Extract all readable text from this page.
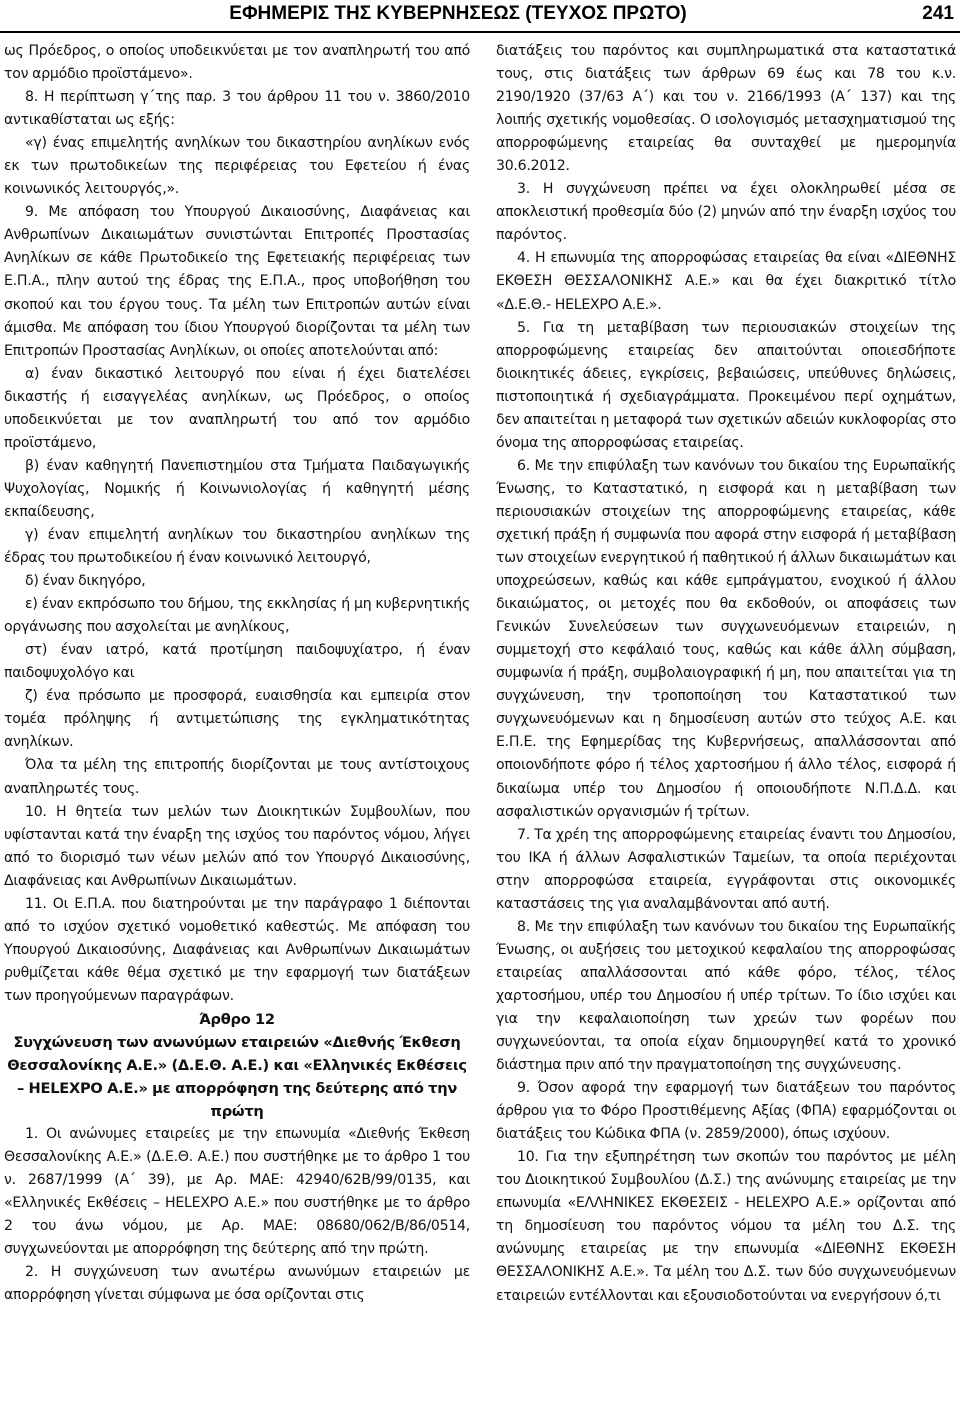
ΕΦΗΜΕΡΙΣ ΤΗΣ ΚΥΒΕΡΝΗΣΕΩΣ (ΤΕΥΧΟΣ ΠΡΩΤΟ)	241

ως Πρόεδρος, ο οποίος υποδεικνύεται με τον αναπληρωτή του από τον αρμόδιο προϊστάμενο».

8. Η περίπτωση γ΄της παρ. 3 του άρθρου 11 του ν. 3860/2010 αντικαθίσταται ως εξής:

«γ) ένας επιμελητής ανηλίκων του δικαστηρίου ανηλίκων ενός εκ των πρωτοδικείων της περιφέρειας του Εφετείου ή ένας κοινωνικός λειτουργός,».

9. Με απόφαση του Υπουργού Δικαιοσύνης, Διαφάνειας και Ανθρωπίνων Δικαιωμάτων συνιστώνται Επιτροπές Προστασίας Ανηλίκων σε κάθε Πρωτοδικείο της Εφετειακής περιφέρειας των Ε.Π.Α., πλην αυτού της έδρας της Ε.Π.Α., προς υποβοήθηση του σκοπού και του έργου τους. Τα μέλη των Επιτροπών αυτών είναι άμισθα. Με απόφαση του ίδιου Υπουργού διορίζονται τα μέλη των Επιτροπών Προστασίας Ανηλίκων, οι οποίες αποτελούνται από:

α) έναν δικαστικό λειτουργό που είναι ή έχει διατελέσει δικαστής ή εισαγγελέας ανηλίκων, ως Πρόεδρος, ο οποίος υποδεικνύεται με τον αναπληρωτή του από τον αρμόδιο προϊστάμενο,

β) έναν καθηγητή Πανεπιστημίου στα Τμήματα Παιδαγωγικής Ψυχολογίας, Νομικής ή Κοινωνιολογίας ή καθηγητή μέσης εκπαίδευσης,

γ) έναν επιμελητή ανηλίκων του δικαστηρίου ανηλίκων της έδρας του πρωτοδικείου ή έναν κοινωνικό λειτουργό,

δ) έναν δικηγόρο,

ε) έναν εκπρόσωπο του δήμου, της εκκλησίας ή μη κυβερνητικής οργάνωσης που ασχολείται με ανηλίκους,

στ) έναν ιατρό, κατά προτίμηση παιδοψυχίατρο, ή έναν παιδοψυχολόγο και

ζ) ένα πρόσωπο με προσφορά, ευαισθησία και εμπειρία στον τομέα πρόληψης ή αντιμετώπισης της εγκληματικότητας ανηλίκων.

Όλα τα μέλη της επιτροπής διορίζονται με τους αντίστοιχους αναπληρωτές τους.

10. Η θητεία των μελών των Διοικητικών Συμβουλίων, που υφίστανται κατά την έναρξη της ισχύος του παρόντος νόμου, λήγει από το διορισμό των νέων μελών από τον Υπουργό Δικαιοσύνης, Διαφάνειας και Ανθρωπίνων Δικαιωμάτων.

11. Οι Ε.Π.Α. που διατηρούνται με την παράγραφο 1 διέπονται από το ισχύον σχετικό νομοθετικό καθεστώς. Με απόφαση του Υπουργού Δικαιοσύνης, Διαφάνειας και Ανθρωπίνων Δικαιωμάτων ρυθμίζεται κάθε θέμα σχετικό με την εφαρμογή των διατάξεων των προηγούμενων παραγράφων.

Άρθρο 12

Συγχώνευση των ανωνύμων εταιρειών «Διεθνής Έκθεση Θεσσαλονίκης Α.Ε.» (Δ.Ε.Θ. Α.Ε.) και «Ελληνικές Εκθέσεις – HELEXPO Α.Ε.» με απορρόφηση της δεύτερης από την πρώτη

1. Οι ανώνυμες εταιρείες με την επωνυμία «Διεθνής Έκθεση Θεσσαλονίκης Α.Ε.» (Δ.Ε.Θ. Α.Ε.) που συστήθηκε με το άρθρο 1 του ν. 2687/1999 (Α΄ 39), με Αρ. ΜΑΕ: 42940/62Β/99/0135, και «Ελληνικές Εκθέσεις – HELEXPO Α.Ε.» που συστήθηκε με το άρθρο 2 του άνω νόμου, με Αρ. ΜΑΕ: 08680/062/Β/86/0514, συγχωνεύονται με απορρόφηση της δεύτερης από την πρώτη.

2. Η συγχώνευση των ανωτέρω ανωνύμων εταιρειών με απορρόφηση γίνεται σύμφωνα με όσα ορίζονται στις

διατάξεις του παρόντος και συμπληρωματικά στα καταστατικά τους, στις διατάξεις των άρθρων 69 έως και 78 του κ.ν. 2190/1920 (37/63 Α΄) και του ν. 2166/1993 (Α΄ 137) και της λοιπής σχετικής νομοθεσίας. Ο ισολογισμός μετασχηματισμού της απορροφώμενης εταιρείας θα συνταχθεί με ημερομηνία 30.6.2012.

3. Η συγχώνευση πρέπει να έχει ολοκληρωθεί μέσα σε αποκλειστική προθεσμία δύο (2) μηνών από την έναρξη ισχύος του παρόντος.

4. Η επωνυμία της απορροφώσας εταιρείας θα είναι «ΔΙΕΘΝΗΣ ΕΚΘΕΣΗ ΘΕΣΣΑΛΟΝΙΚΗΣ Α.Ε.» και θα έχει διακριτικό τίτλο «Δ.Ε.Θ.- HELEXPO Α.Ε.».

5. Για τη μεταβίβαση των περιουσιακών στοιχείων της απορροφώμενης εταιρείας δεν απαιτούνται οποιεσδήποτε διοικητικές άδειες, εγκρίσεις, βεβαιώσεις, υπεύθυνες δηλώσεις, πιστοποιητικά ή σχεδιαγράμματα. Προκειμένου περί οχημάτων, δεν απαιτείται η μεταφορά των σχετικών αδειών κυκλοφορίας στο όνομα της απορροφώσας εταιρείας.

6. Με την επιφύλαξη των κανόνων του δικαίου της Ευρωπαϊκής Ένωσης, το Καταστατικό, η εισφορά και η μεταβίβαση των περιουσιακών στοιχείων της απορροφώμενης εταιρείας, κάθε σχετική πράξη ή συμφωνία που αφορά στην εισφορά ή μεταβίβαση των στοιχείων ενεργητικού ή παθητικού ή άλλων δικαιωμάτων και υποχρεώσεων, καθώς και κάθε εμπράγματου, ενοχικού ή άλλου δικαιώματος, οι μετοχές που θα εκδοθούν, οι αποφάσεις των Γενικών Συνελεύσεων των συγχωνευόμενων εταιρειών, η συμμετοχή στο κεφάλαιό τους, καθώς και κάθε άλλη σύμβαση, συμφωνία ή πράξη, συμβολαιογραφική ή μη, που απαιτείται για τη συγχώνευση, την τροποποίηση του Καταστατικού των συγχωνευόμενων και η δημοσίευση αυτών στο τεύχος Α.Ε. και Ε.Π.Ε. της Εφημερίδας της Κυβερνήσεως, απαλλάσσονται από οποιονδήποτε φόρο ή τέλος χαρτοσήμου ή άλλο τέλος, εισφορά ή δικαίωμα υπέρ του Δημοσίου ή οποιουδήποτε Ν.Π.Δ.Δ. και ασφαλιστικών οργανισμών ή τρίτων.

7. Τα χρέη της απορροφώμενης εταιρείας έναντι του Δημοσίου, του ΙΚΑ ή άλλων Ασφαλιστικών Ταμείων, τα οποία περιέχονται στην απορροφώσα εταιρεία, εγγράφονται στις οικονομικές καταστάσεις της για αναλαμβάνονται από αυτή.

8. Με την επιφύλαξη των κανόνων του δικαίου της Ευρωπαϊκής Ένωσης, οι αυξήσεις του μετοχικού κεφαλαίου της απορροφώσας εταιρείας απαλλάσσονται από κάθε φόρο, τέλος, τέλος χαρτοσήμου, υπέρ του Δημοσίου ή υπέρ τρίτων. Το ίδιο ισχύει και για την κεφαλαιοποίηση των χρεών των φορέων που συγχωνεύονται, τα οποία είχαν δημιουργηθεί κατά το χρονικό διάστημα πριν από την πραγματοποίηση της συγχώνευσης.

9. Όσον αφορά την εφαρμογή των διατάξεων του παρόντος άρθρου για το Φόρο Προστιθέμενης Αξίας (ΦΠΑ) εφαρμόζονται οι διατάξεις του Κώδικα ΦΠΑ (ν. 2859/2000), όπως ισχύουν.

10. Για την εξυπηρέτηση των σκοπών του παρόντος με μέλη του Διοικητικού Συμβουλίου (Δ.Σ.) της ανώνυμης εταιρείας με την επωνυμία «ΕΛΛΗΝΙΚΕΣ ΕΚΘΕΣΕΙΣ - HELEXPO Α.Ε.» ορίζονται από τη δημοσίευση του παρόντος νόμου τα μέλη του Δ.Σ. της ανώνυμης εταιρείας με την επωνυμία «ΔΙΕΘΝΗΣ ΕΚΘΕΣΗ ΘΕΣΣΑΛΟΝΙΚΗΣ Α.Ε.». Τα μέλη του Δ.Σ. των δύο συγχωνευόμενων εταιρειών εντέλλονται και εξουσιοδοτούνται να ενεργήσουν ό,τι
